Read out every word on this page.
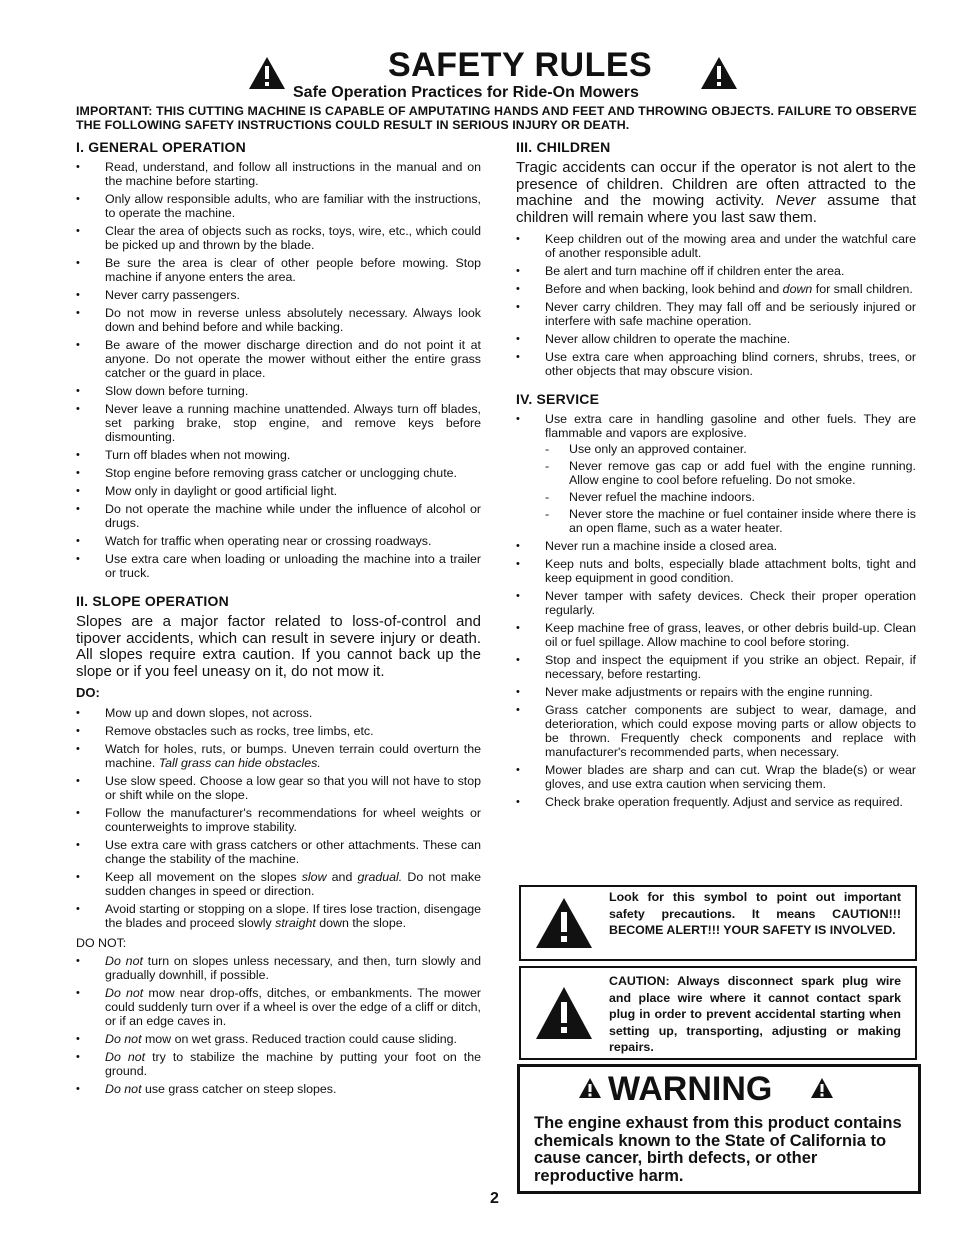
SAFETY RULES
Safe Operation Practices for Ride-On Mowers

IMPORTANT: THIS CUTTING MACHINE IS CAPABLE OF AMPUTATING HANDS AND FEET AND THROWING OBJECTS. FAILURE TO OBSERVE THE FOLLOWING SAFETY INSTRUCTIONS COULD RESULT IN SERIOUS INJURY OR DEATH.

I. GENERAL OPERATION
• Read, understand, and follow all instructions in the manual and on the machine before starting.
• Only allow responsible adults, who are familiar with the instructions, to operate the machine.
• Clear the area of objects such as rocks, toys, wire, etc., which could be picked up and thrown by the blade.
• Be sure the area is clear of other people before mowing. Stop machine if anyone enters the area.
• Never carry passengers.
• Do not mow in reverse unless absolutely necessary. Always look down and behind before and while backing.
• Be aware of the mower discharge direction and do not point it at anyone. Do not operate the mower without either the entire grass catcher or the guard in place.
• Slow down before turning.
• Never leave a running machine unattended. Always turn off blades, set parking brake, stop engine, and remove keys before dismounting.
• Turn off blades when not mowing.
• Stop engine before removing grass catcher or unclogging chute.
• Mow only in daylight or good artificial light.
• Do not operate the machine while under the influence of alcohol or drugs.
• Watch for traffic when operating near or crossing roadways.
• Use extra care when loading or unloading the machine into a trailer or truck.
II. SLOPE OPERATION

Slopes are a major factor related to loss-of-control and tipover accidents, which can result in severe injury or death. All slopes require extra caution. If you cannot back up the slope or if you feel uneasy on it, do not mow it.

DO:

• Mow up and down slopes, not across.
• Remove obstacles such as rocks, tree limbs, etc.
• Watch for holes, ruts, or bumps. Uneven terrain could overturn the machine. Tall grass can hide obstacles.
• Use slow speed. Choose a low gear so that you will not have to stop or shift while on the slope.
• Follow the manufacturer's recommendations for wheel weights or counterweights to improve stability.
• Use extra care with grass catchers or other attachments. These can change the stability of the machine.
• Keep all movement on the slopes slow and gradual. Do not make sudden changes in speed or direction.
• Avoid starting or stopping on a slope. If tires lose traction, disengage the blades and proceed slowly straight down the slope.

DO NOT:

• Do not turn on slopes unless necessary, and then, turn slowly and gradually downhill, if possible.
• Do not mow near drop-offs, ditches, or embankments. The mower could suddenly turn over if a wheel is over the edge of a cliff or ditch, or if an edge caves in.
• Do not mow on wet grass. Reduced traction could cause sliding.
• Do not try to stabilize the machine by putting your foot on the ground.
• Do not use grass catcher on steep slopes.
III. CHILDREN

Tragic accidents can occur if the operator is not alert to the presence of children. Children are often attracted to the machine and the mowing activity. Never assume that children will remain where you last saw them.

• Keep children out of the mowing area and under the watchful care of another responsible adult.
• Be alert and turn machine off if children enter the area.
• Before and when backing, look behind and down for small children.
• Never carry children. They may fall off and be seriously injured or interfere with safe machine operation.
• Never allow children to operate the machine.
• Use extra care when approaching blind corners, shrubs, trees, or other objects that may obscure vision.
IV. SERVICE
• Use extra care in handling gasoline and other fuels. They are flammable and vapors are explosive.
- Use only an approved container.
- Never remove gas cap or add fuel with the engine running. Allow engine to cool before refueling. Do not smoke.
- Never refuel the machine indoors.
- Never store the machine or fuel container inside where there is an open flame, such as a water heater.
• Never run a machine inside a closed area.
• Keep nuts and bolts, especially blade attachment bolts, tight and keep equipment in good condition.
• Never tamper with safety devices. Check their proper operation regularly.
• Keep machine free of grass, leaves, or other debris build-up. Clean oil or fuel spillage. Allow machine to cool before storing.
• Stop and inspect the equipment if you strike an object. Repair, if necessary, before restarting.
• Never make adjustments or repairs with the engine running.
• Grass catcher components are subject to wear, damage, and deterioration, which could expose moving parts or allow objects to be thrown. Frequently check components and replace with manufacturer's recommended parts, when necessary.
• Mower blades are sharp and can cut. Wrap the blade(s) or wear gloves, and use extra caution when servicing them.
• Check brake operation frequently. Adjust and service as required.

Look for this symbol to point out important safety precautions. It means CAUTION!!! BECOME ALERT!!! YOUR SAFETY IS INVOLVED.

CAUTION: Always disconnect spark plug wire and place wire where it cannot contact spark plug in order to prevent accidental starting when setting up, transporting, adjusting or making repairs.

WARNING

The engine exhaust from this product contains chemicals known to the State of California to cause cancer, birth defects, or other reproductive harm.

2
